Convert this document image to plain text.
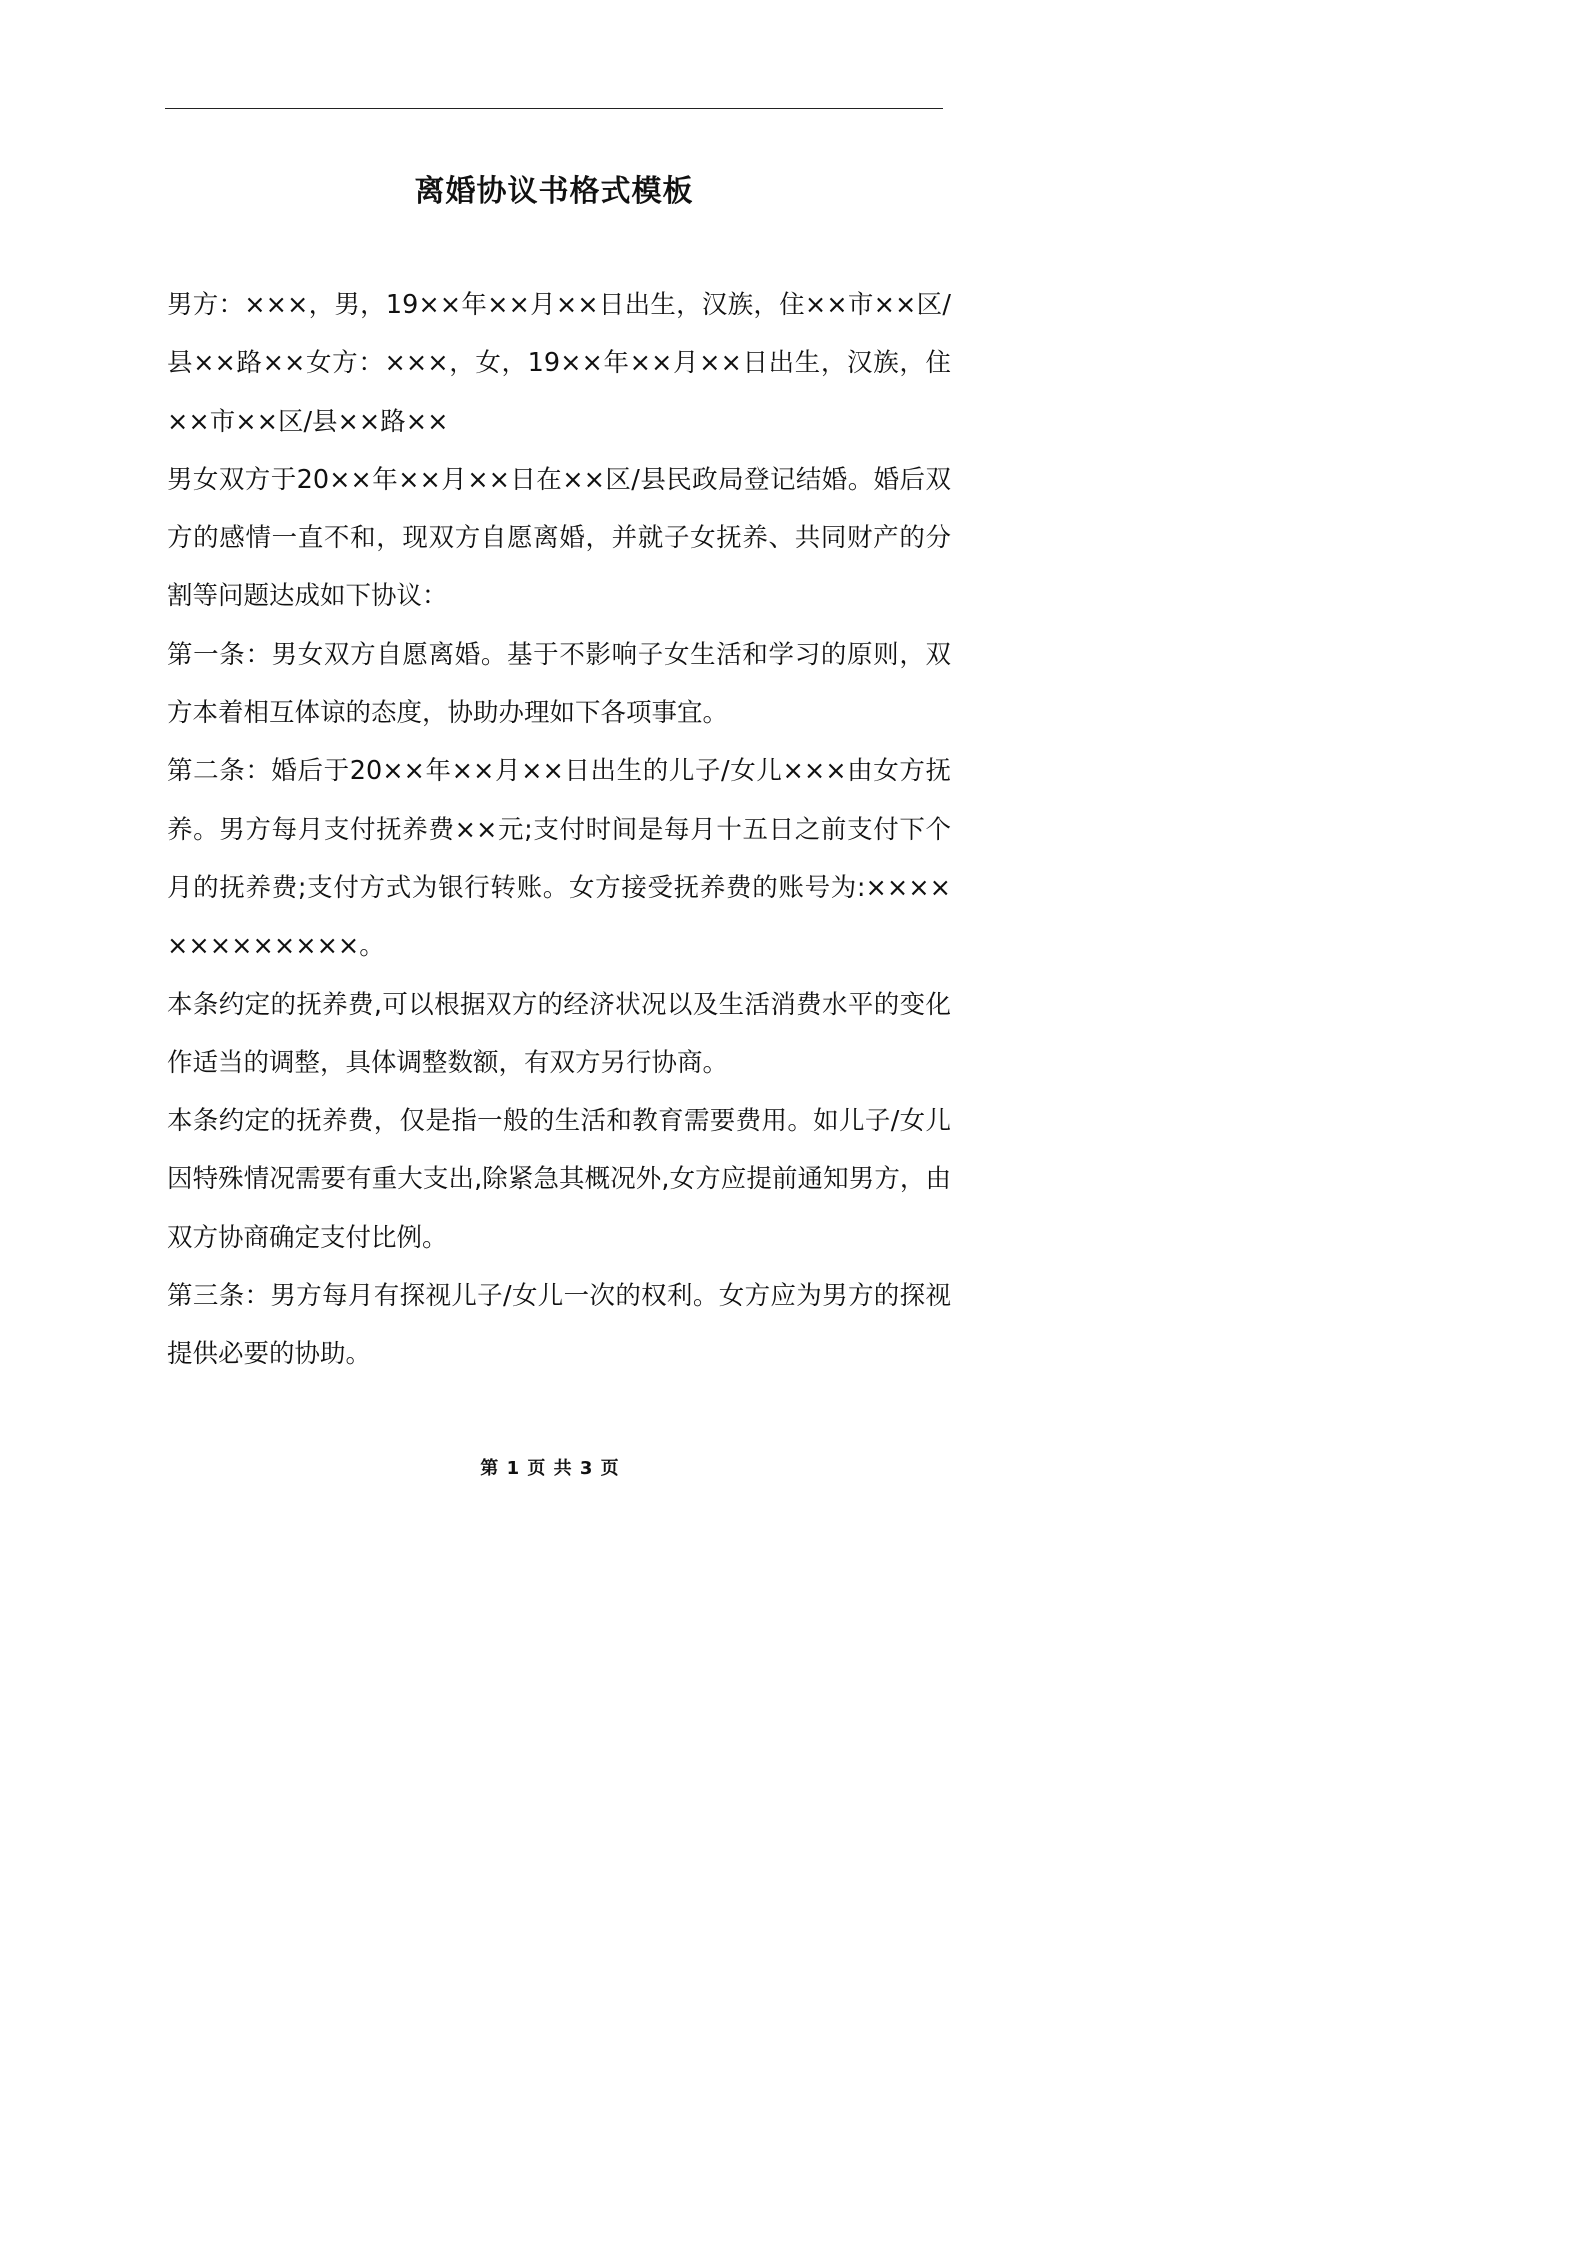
离婚协议书格式模板

男方：×××，男，19××年××月××日出生，汉族，住××市××区/县××路××女方：×××，女，19××年××月××日出生，汉族，住××市××区/县××路××

男女双方于20××年××月××日在××区/县民政局登记结婚。婚后双方的感情一直不和，现双方自愿离婚，并就子女抚养、共同财产的分割等问题达成如下协议：

第一条：男女双方自愿离婚。基于不影响子女生活和学习的原则，双方本着相互体谅的态度，协助办理如下各项事宜。

第二条：婚后于20××年××月××日出生的儿子/女儿×××由女方抚养。男方每月支付抚养费××元;支付时间是每月十五日之前支付下个月的抚养费;支付方式为银行转账。女方接受抚养费的账号为:×××××××××××××。

本条约定的抚养费,可以根据双方的经济状况以及生活消费水平的变化作适当的调整，具体调整数额，有双方另行协商。

本条约定的抚养费，仅是指一般的生活和教育需要费用。如儿子/女儿因特殊情况需要有重大支出,除紧急其概况外,女方应提前通知男方，由双方协商确定支付比例。

第三条：男方每月有探视儿子/女儿一次的权利。女方应为男方的探视提供必要的协助。

第 1 页 共 3 页
